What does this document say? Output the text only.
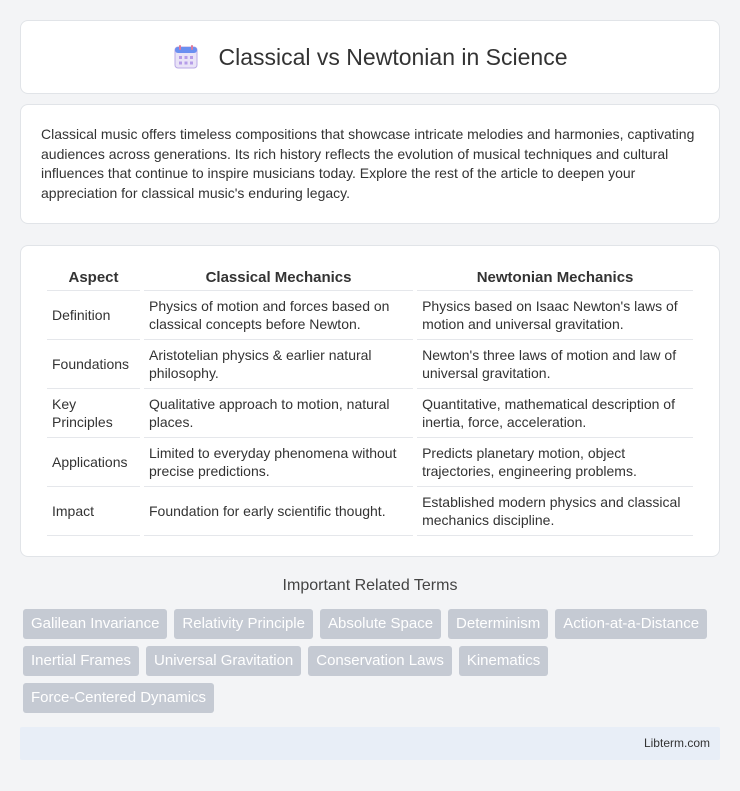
Classical vs Newtonian in Science

Classical music offers timeless compositions that showcase intricate melodies and harmonies, captivating audiences across generations. Its rich history reflects the evolution of musical techniques and cultural influences that continue to inspire musicians today. Explore the rest of the article to deepen your appreciation for classical music's enduring legacy.

Aspect	Classical Mechanics	Newtonian Mechanics
Definition	Physics of motion and forces based on classical concepts before Newton.	Physics based on Isaac Newton's laws of motion and universal gravitation.
Foundations	Aristotelian physics & earlier natural philosophy.	Newton's three laws of motion and law of universal gravitation.
Key Principles	Qualitative approach to motion, natural places.	Quantitative, mathematical description of inertia, force, acceleration.
Applications	Limited to everyday phenomena without precise predictions.	Predicts planetary motion, object trajectories, engineering problems.
Impact	Foundation for early scientific thought.	Established modern physics and classical mechanics discipline.
Important Related Terms
Galilean Invariance	Relativity Principle	Absolute Space	Determinism	Action-at-a-Distance
Inertial Frames	Universal Gravitation	Conservation Laws	Kinematics
Force-Centered Dynamics
Libterm.com
